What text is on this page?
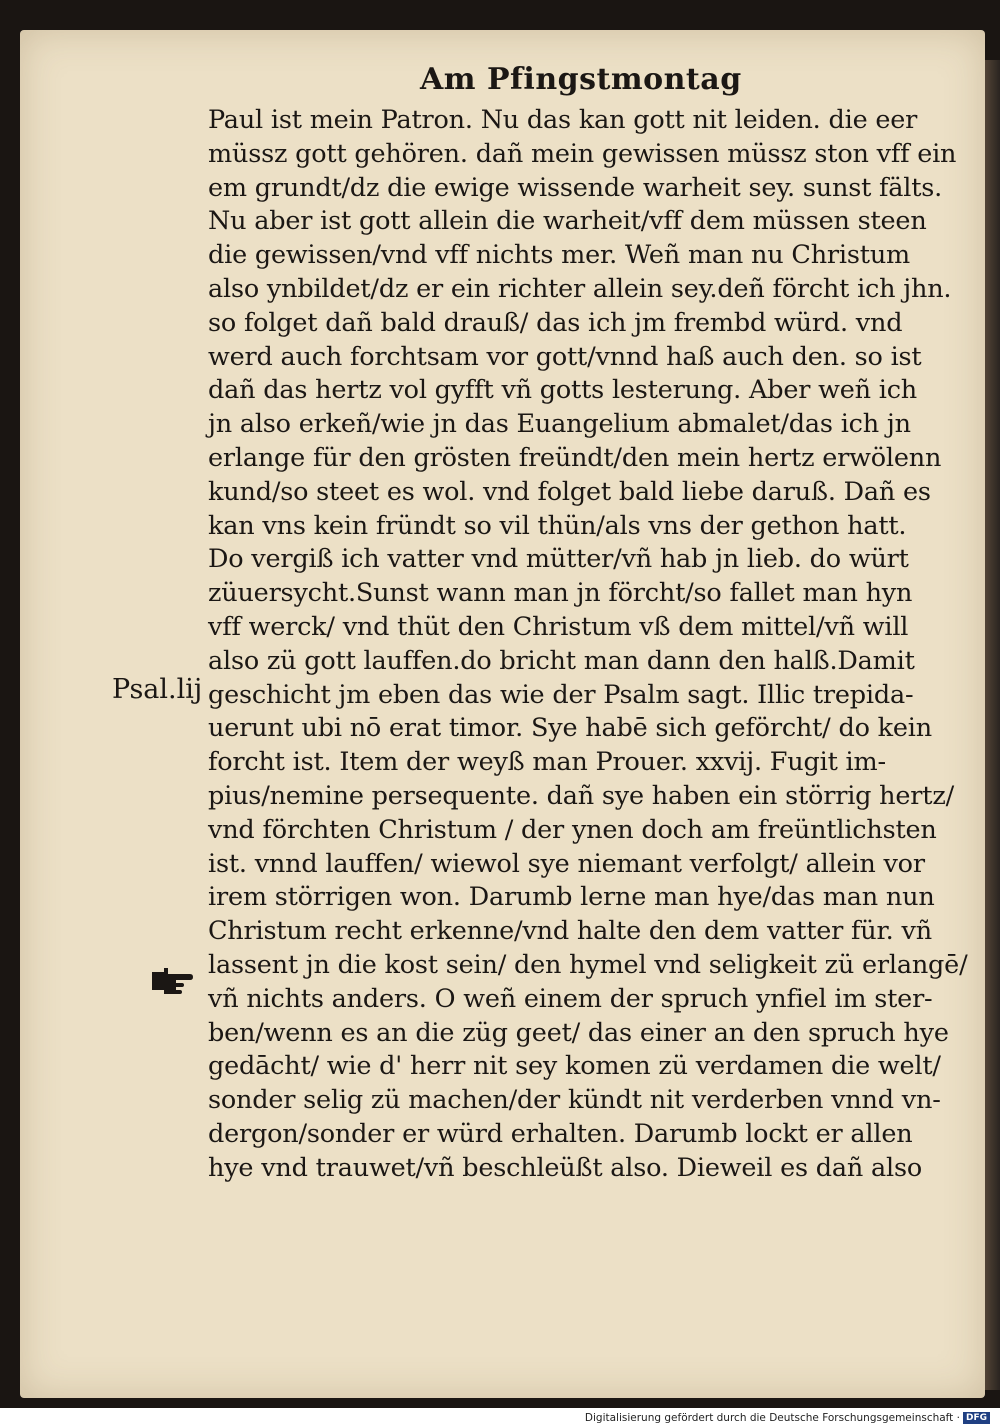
Am Pfingstmontag
Psal.lij
Paul ist mein Patron. Nu das kan gott nit leiden. die eer
müssz gott gehören. dañ mein gewissen müssz ston vff ein
em grundt/dz die ewige wissende warheit sey. sunst fälts.
Nu aber ist gott allein die warheit/vff dem müssen steen
die gewissen/vnd vff nichts mer. Weñ man nu Christum
also ynbildet/dz er ein richter allein sey.deñ förcht ich jhn.
so folget dañ bald drauß/ das ich jm frembd würd. vnd
werd auch forchtsam vor gott/vnnd haß auch den. so ist
dañ das hertz vol gyfft vñ gotts lesterung. Aber weñ ich
jn also erkeñ/wie jn das Euangelium abmalet/das ich jn
erlange für den grösten freündt/den mein hertz erwölenn
kund/so steet es wol. vnd folget bald liebe daruß. Dañ es
kan vns kein fründt so vil thün/als vns der gethon hatt.
Do vergiß ich vatter vnd mütter/vñ hab jn lieb. do würt
züuersycht.Sunst wann man jn förcht/so fallet man hyn
vff werck/ vnd thüt den Christum vß dem mittel/vñ will
also zü gott lauffen.do bricht man dann den halß.Damit
geschicht jm eben das wie der Psalm sagt. Illic trepida-
uerunt ubi nō erat timor. Sye habē sich geförcht/ do kein
forcht ist. Item der weyß man Prouer. xxvij. Fugit im-
pius/nemine persequente. dañ sye haben ein störrig hertz/
vnd förchten Christum / der ynen doch am freüntlichsten
ist. vnnd lauffen/ wiewol sye niemant verfolgt/ allein vor
irem störrigen won. Darumb lerne man hye/das man nun
Christum recht erkenne/vnd halte den dem vatter für. vñ
lassent jn die kost sein/ den hymel vnd seligkeit zü erlangē/
vñ nichts anders. O weñ einem der spruch ynfiel im ster-
ben/wenn es an die züg geet/ das einer an den spruch hye
gedācht/ wie d' herr nit sey komen zü verdamen die welt/
sonder selig zü machen/der kündt nit verderben vnnd vn-
dergon/sonder er würd erhalten. Darumb lockt er allen
hye vnd trauwet/vñ beschleüßt also. Dieweil es dañ also
Digitalisierung gefördert durch die Deutsche Forschungsgemeinschaft · DFG
